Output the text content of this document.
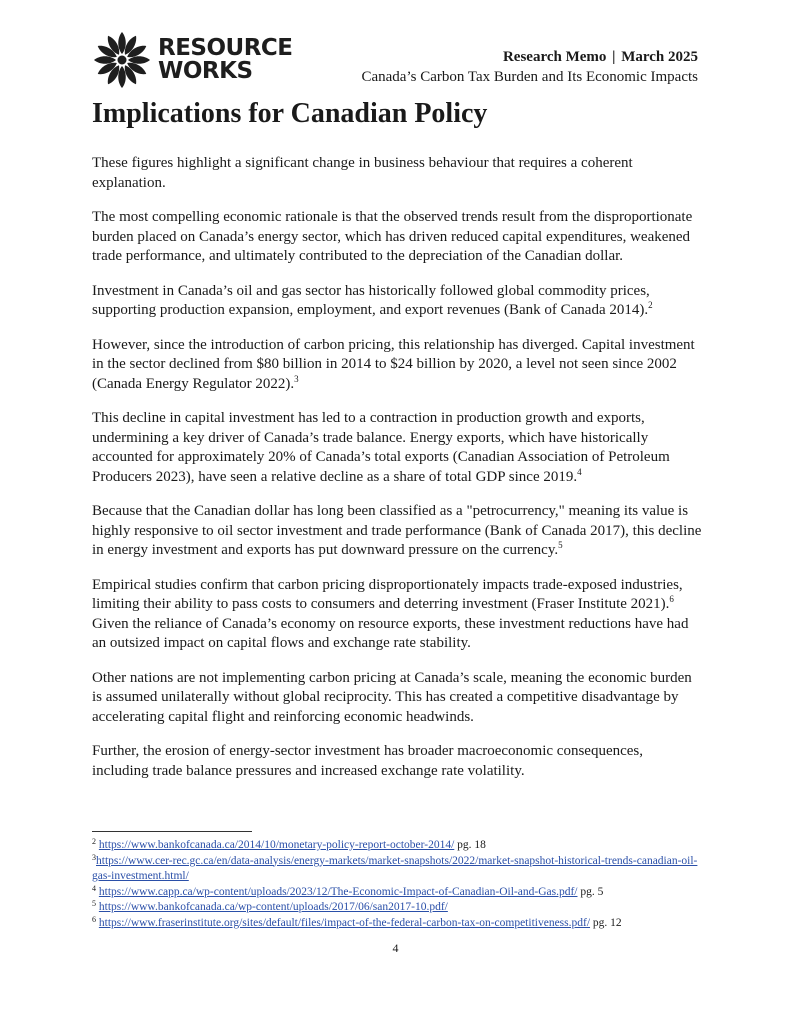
RESOURCE
WORKS
Research Memo | March 2025
Canada’s Carbon Tax Burden and Its Economic Impacts
Implications for Canadian Policy

These figures highlight a significant change in business behaviour that requires a coherent explanation.

The most compelling economic rationale is that the observed trends result from the disproportionate burden placed on Canada’s energy sector, which has driven reduced capital expenditures, weakened trade performance, and ultimately contributed to the depreciation of the Canadian dollar.

Investment in Canada’s oil and gas sector has historically followed global commodity prices, supporting production expansion, employment, and export revenues (Bank of Canada 2014).$^2$

However, since the introduction of carbon pricing, this relationship has diverged. Capital investment in the sector declined from $80 billion in 2014 to $24 billion by 2020, a level not seen since 2002 (Canada Energy Regulator 2022).$^3$

This decline in capital investment has led to a contraction in production growth and exports, undermining a key driver of Canada’s trade balance. Energy exports, which have historically accounted for approximately 20% of Canada’s total exports (Canadian Association of Petroleum Producers 2023), have seen a relative decline as a share of total GDP since 2019.$^4$

Because that the Canadian dollar has long been classified as a "petrocurrency," meaning its value is highly responsive to oil sector investment and trade performance (Bank of Canada 2017), this decline in energy investment and exports has put downward pressure on the currency.$^5$

Empirical studies confirm that carbon pricing disproportionately impacts trade-exposed industries, limiting their ability to pass costs to consumers and deterring investment (Fraser Institute 2021).$^6$ Given the reliance of Canada’s economy on resource exports, these investment reductions have had an outsized impact on capital flows and exchange rate stability.

Other nations are not implementing carbon pricing at Canada’s scale, meaning the economic burden is assumed unilaterally without global reciprocity. This has created a competitive disadvantage by accelerating capital flight and reinforcing economic headwinds.

Further, the erosion of energy-sector investment has broader macroeconomic consequences, including trade balance pressures and increased exchange rate volatility.

$^2$ https://www.bankofcanada.ca/2014/10/monetary-policy-report-october-2014/ pg. 18
$^3$https://www.cer-rec.gc.ca/en/data-analysis/energy-markets/market-snapshots/2022/market-snapshot-historical-trends-canadian-oil-gas-investment.html/
$^4$ https://www.capp.ca/wp-content/uploads/2023/12/The-Economic-Impact-of-Canadian-Oil-and-Gas.pdf/ pg. 5
$^5$ https://www.bankofcanada.ca/wp-content/uploads/2017/06/san2017-10.pdf/
$^6$ https://www.fraserinstitute.org/sites/default/files/impact-of-the-federal-carbon-tax-on-competitiveness.pdf/ pg. 12
4
